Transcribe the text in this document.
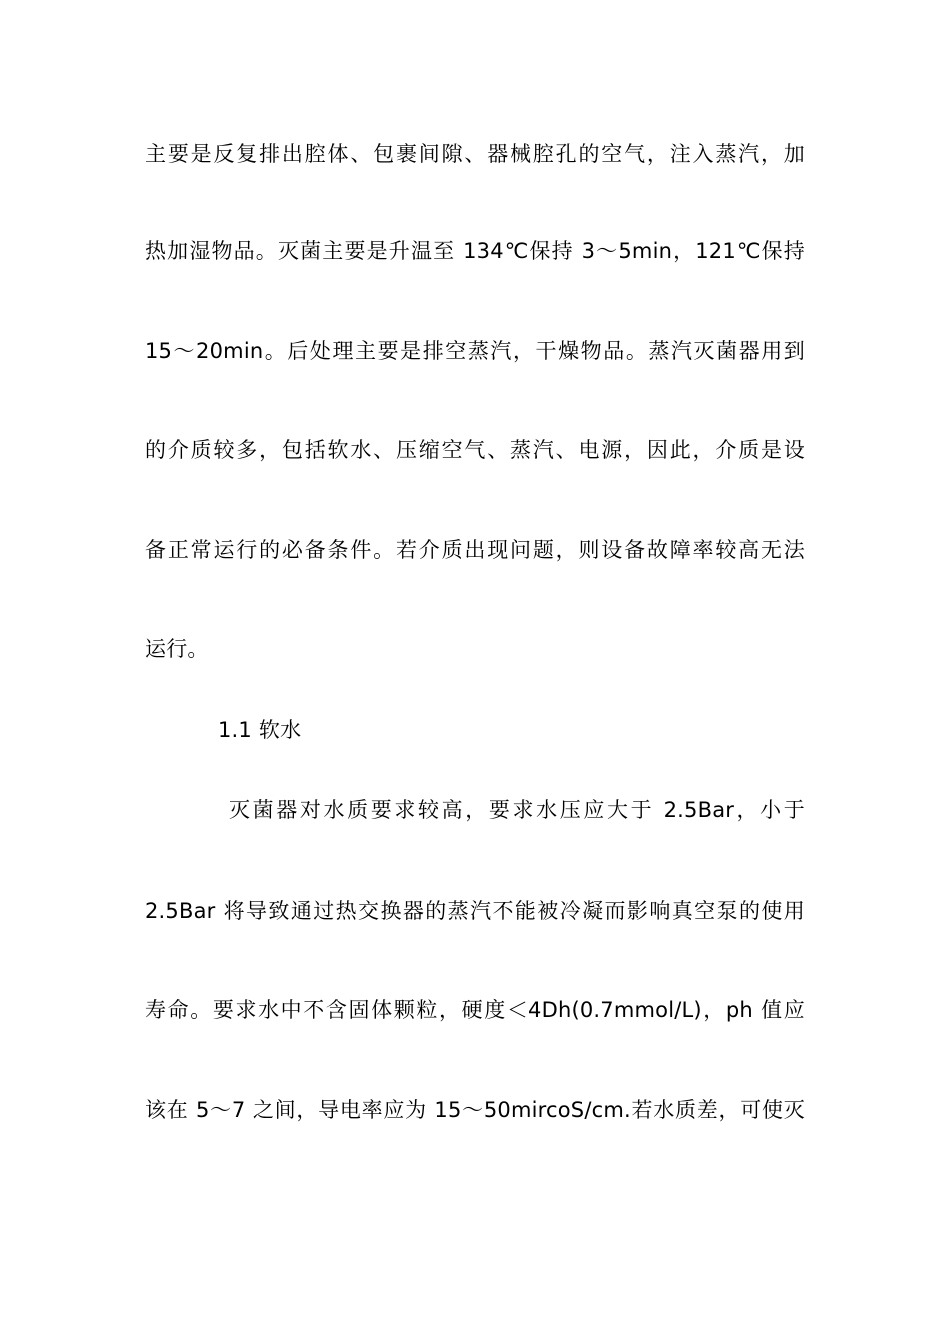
主要是反复排出腔体、包裹间隙、器械腔孔的空气，注入蒸汽，加
热加湿物品。灭菌主要是升温至 134℃保持 3～5min，121℃保持
15～20min。后处理主要是排空蒸汽，干燥物品。蒸汽灭菌器用到
的介质较多，包括软水、压缩空气、蒸汽、电源，因此，介质是设
备正常运行的必备条件。若介质出现问题，则设备故障率较高无法
运行。
1.1 软水
灭菌器对水质要求较高，要求水压应大于 2.5Bar，小于
2.5Bar 将导致通过热交换器的蒸汽不能被冷凝而影响真空泵的使用
寿命。要求水中不含固体颗粒，硬度＜4Dh(0.7mmol/L)，ph 值应
该在 5～7 之间，导电率应为 15～50mircoS/cm.若水质差，可使灭
